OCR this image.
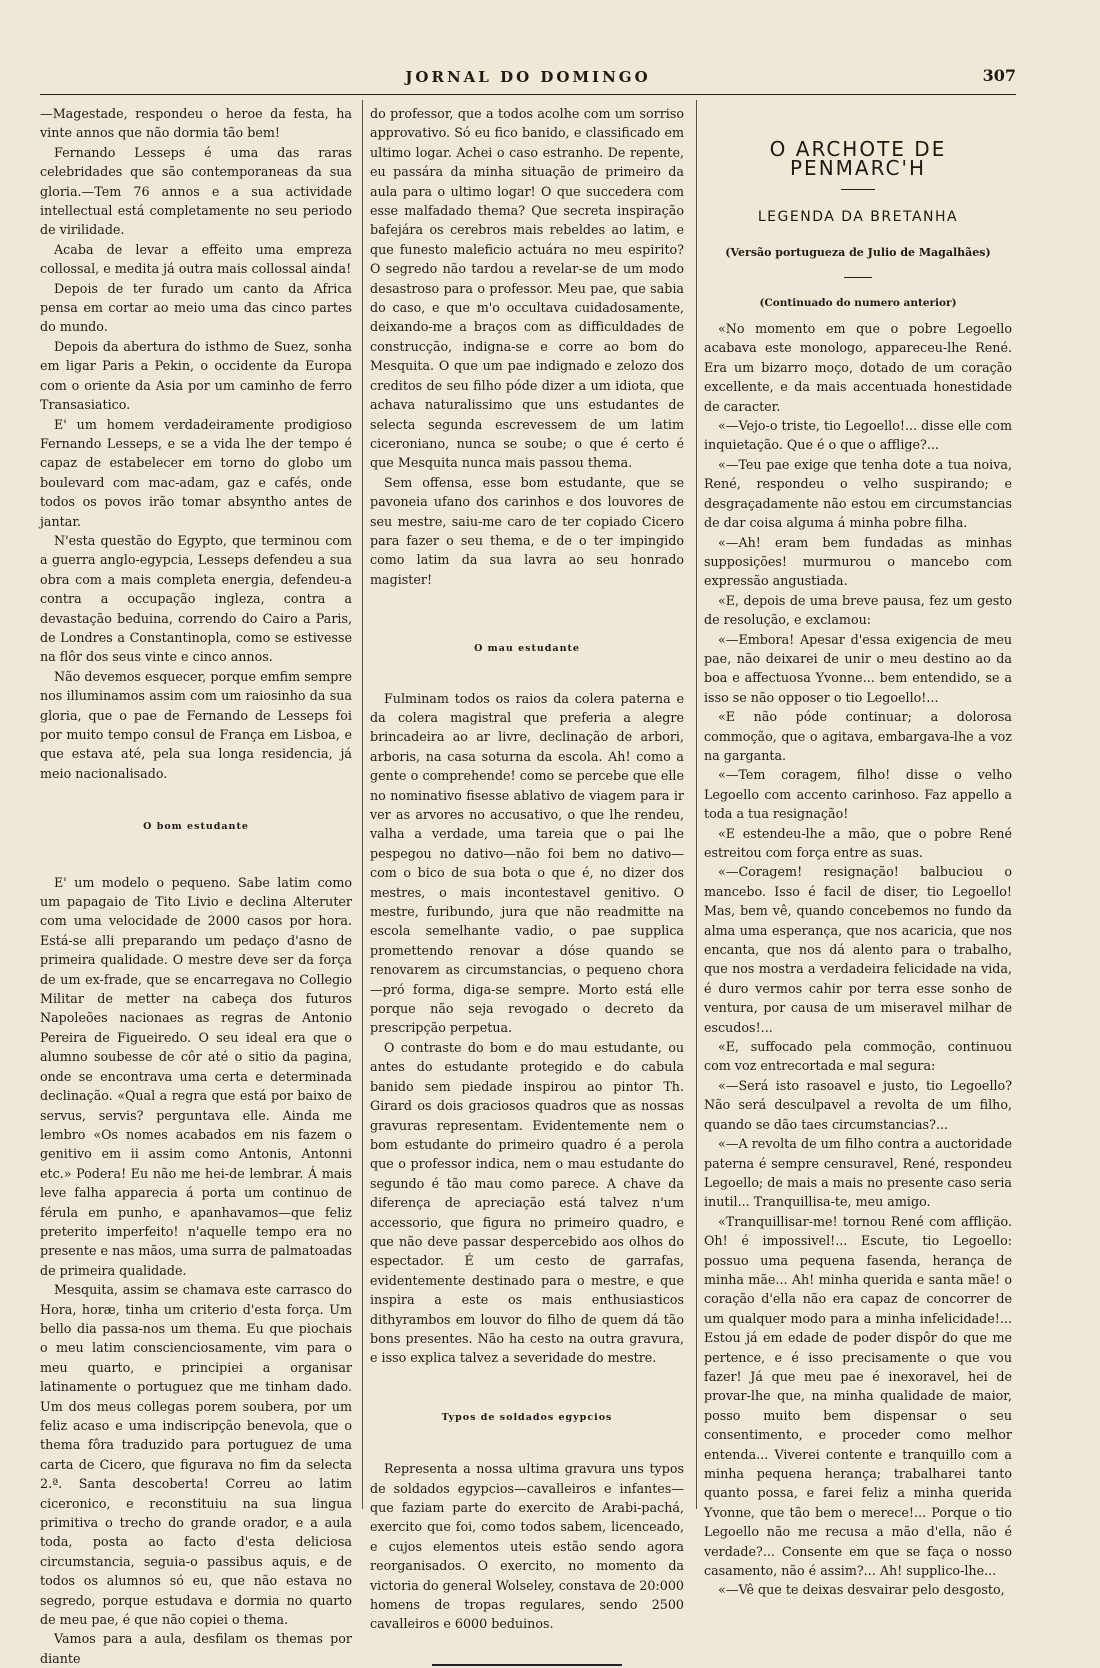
JORNAL DO DOMINGO	307

—Magestade, respondeu o heroe da festa, ha vinte annos que não dormia tão bem!

Fernando Lesseps é uma das raras celebridades que são contemporaneas da sua gloria.—Tem 76 annos e a sua actividade intellectual está completamente no seu periodo de virilidade.

Acaba de levar a effeito uma empreza collossal, e medita já outra mais collossal ainda!

Depois de ter furado um canto da Africa pensa em cortar ao meio uma das cinco partes do mundo.

Depois da abertura do isthmo de Suez, sonha em ligar Paris a Pekin, o occidente da Europa com o oriente da Asia por um caminho de ferro Transasiatico.

E' um homem verdadeiramente prodigioso Fernando Lesseps, e se a vida lhe der tempo é capaz de estabelecer em torno do globo um boulevard com mac-adam, gaz e cafés, onde todos os povos irão tomar absyntho antes de jantar.

N'esta questão do Egypto, que terminou com a guerra anglo-egypcia, Lesseps defendeu a sua obra com a mais completa energia, defendeu-a contra a occupação ingleza, contra a devastação beduina, correndo do Cairo a Paris, de Londres a Constantinopla, como se estivesse na flôr dos seus vinte e cinco annos.

Não devemos esquecer, porque emfim sempre nos illuminamos assim com um raiosinho da sua gloria, que o pae de Fernando de Lesseps foi por muito tempo consul de França em Lisboa, e que estava até, pela sua longa residencia, já meio nacionalisado.

O bom estudante

E' um modelo o pequeno. Sabe latim como um papagaio de Tito Livio e declina Alteruter com uma velocidade de 2000 casos por hora. Está-se alli preparando um pedaço d'asno de primeira qualidade. O mestre deve ser da força de um ex-frade, que se encarregava no Collegio Militar de metter na cabeça dos futuros Napoleões nacionaes as regras de Antonio Pereira de Figueiredo. O seu ideal era que o alumno soubesse de côr até o sitio da pagina, onde se encontrava uma certa e determinada declinação. «Qual a regra que está por baixo de servus, servis? perguntava elle. Ainda me lembro «Os nomes acabados em nis fazem o genitivo em ii assim como Antonis, Antonni etc.» Podera! Eu não me hei-de lembrar. Á mais leve falha apparecia á porta um continuo de férula em punho, e apanhavamos—que feliz preterito imperfeito! n'aquelle tempo era no presente e nas mãos, uma surra de palmatoadas de primeira qualidade.

Mesquita, assim se chamava este carrasco do Hora, horæ, tinha um criterio d'esta força. Um bello dia passa-nos um thema. Eu que piochais o meu latim conscienciosamente, vim para o meu quarto, e principiei a organisar latinamente o portuguez que me tinham dado. Um dos meus collegas porem soubera, por um feliz acaso e uma indiscripção benevola, que o thema fôra traduzido para portuguez de uma carta de Cicero, que figurava no fim da selecta 2.ª. Santa descoberta! Correu ao latim ciceronico, e reconstituiu na sua lingua primitiva o trecho do grande orador, e a aula toda, posta ao facto d'esta deliciosa circumstancia, seguia-o passibus aquis, e de todos os alumnos só eu, que não estava no segredo, porque estudava e dormia no quarto de meu pae, é que não copiei o thema.

Vamos para a aula, desfilam os themas por diante

do professor, que a todos acolhe com um sorriso approvativo. Só eu fico banido, e classificado em ultimo logar. Achei o caso estranho. De repente, eu passára da minha situação de primeiro da aula para o ultimo logar! O que succedera com esse malfadado thema? Que secreta inspiração bafejára os cerebros mais rebeldes ao latim, e que funesto maleficio actuára no meu espirito? O segredo não tardou a revelar-se de um modo desastroso para o professor. Meu pae, que sabia do caso, e que m'o occultava cuidadosamente, deixando-me a braços com as difficuldades de construcção, indigna-se e corre ao bom do Mesquita. O que um pae indignado e zelozo dos creditos de seu filho póde dizer a um idiota, que achava naturalissimo que uns estudantes de selecta segunda escrevessem de um latim ciceroniano, nunca se soube; o que é certo é que Mesquita nunca mais passou thema.

Sem offensa, esse bom estudante, que se pavoneia ufano dos carinhos e dos louvores de seu mestre, saiu-me caro de ter copiado Cicero para fazer o seu thema, e de o ter impingido como latim da sua lavra ao seu honrado magister!

O mau estudante

Fulminam todos os raios da colera paterna e da colera magistral que preferia a alegre brincadeira ao ar livre, declinação de arbori, arboris, na casa soturna da escola. Ah! como a gente o comprehende! como se percebe que elle no nominativo fisesse ablativo de viagem para ir ver as arvores no accusativo, o que lhe rendeu, valha a verdade, uma tareia que o pai lhe pespegou no dativo—não foi bem no dativo—com o bico de sua bota o que é, no dizer dos mestres, o mais incontestavel genitivo. O mestre, furibundo, jura que não readmitte na escola semelhante vadio, o pae supplica promettendo renovar a dóse quando se renovarem as circumstancias, o pequeno chora—pró forma, diga-se sempre. Morto está elle porque não seja revogado o decreto da prescripção perpetua.

O contraste do bom e do mau estudante, ou antes do estudante protegido e do cabula banido sem piedade inspirou ao pintor Th. Girard os dois graciosos quadros que as nossas gravuras representam. Evidentemente nem o bom estudante do primeiro quadro é a perola que o professor indica, nem o mau estudante do segundo é tão mau como parece. A chave da diferença de apreciação está talvez n'um accessorio, que figura no primeiro quadro, e que não deve passar despercebido aos olhos do espectador. É um cesto de garrafas, evidentemente destinado para o mestre, e que inspira a este os mais enthusiasticos dithyrambos em louvor do filho de quem dá tão bons presentes. Não ha cesto na outra gravura, e isso explica talvez a severidade do mestre.

Typos de soldados egypcios

Representa a nossa ultima gravura uns typos de soldados egypcios—cavalleiros e infantes—que faziam parte do exercito de Arabi-pachá, exercito que foi, como todos sabem, licenceado, e cujos elementos uteis estão sendo agora reorganisados. O exercito, no momento da victoria do general Wolseley, constava de 20:000 homens de tropas regulares, sendo 2500 cavalleiros e 6000 beduinos.

O ARCHOTE DE PENMARC'H
LEGENDA DA BRETANHA
(Versão portugueza de Julio de Magalhães)
(Continuado do numero anterior)

«No momento em que o pobre Legoello acabava este monologo, appareceu-lhe René. Era um bizarro moço, dotado de um coração excellente, e da mais accentuada honestidade de caracter.

«—Vejo-o triste, tio Legoello!... disse elle com inquietação. Que é o que o afflige?...

«—Teu pae exige que tenha dote a tua noiva, René, respondeu o velho suspirando; e desgraçadamente não estou em circumstancias de dar coisa alguma á minha pobre filha.

«—Ah! eram bem fundadas as minhas supposições! murmurou o mancebo com expressão angustiada.

«E, depois de uma breve pausa, fez um gesto de resolução, e exclamou:

«—Embora! Apesar d'essa exigencia de meu pae, não deixarei de unir o meu destino ao da boa e affectuosa Yvonne... bem entendido, se a isso se não opposer o tio Legoello!...

«E não póde continuar; a dolorosa commoção, que o agitava, embargava-lhe a voz na garganta.

«—Tem coragem, filho! disse o velho Legoello com accento carinhoso. Faz appello a toda a tua resignação!

«E estendeu-lhe a mão, que o pobre René estreitou com força entre as suas.

«—Coragem! resignação! balbuciou o mancebo. Isso é facil de diser, tio Legoello! Mas, bem vê, quando concebemos no fundo da alma uma esperança, que nos acaricia, que nos encanta, que nos dá alento para o trabalho, que nos mostra a verdadeira felicidade na vida, é duro vermos cahir por terra esse sonho de ventura, por causa de um miseravel milhar de escudos!...

«E, suffocado pela commoção, continuou com voz entrecortada e mal segura:

«—Será isto rasoavel e justo, tio Legoello? Não será desculpavel a revolta de um filho, quando se dão taes circumstancias?...

«—A revolta de um filho contra a auctoridade paterna é sempre censuravel, René, respondeu Legoello; de mais a mais no presente caso seria inutil... Tranquillisa-te, meu amigo.

«Tranquillisar-me! tornou René com affliçäo. Oh! é impossivel!... Escute, tio Legoello: possuo uma pequena fasenda, herança de minha mãe... Ah! minha querida e santa mãe! o coração d'ella não era capaz de concorrer de um qualquer modo para a minha infelicidade!... Estou já em edade de poder dispôr do que me pertence, e é isso precisamente o que vou fazer! Já que meu pae é inexoravel, hei de provar-lhe que, na minha qualidade de maior, posso muito bem dispensar o seu consentimento, e proceder como melhor entenda... Viverei contente e tranquillo com a minha pequena herança; trabalharei tanto quanto possa, e farei feliz a minha querida Yvonne, que tão bem o merece!... Porque o tio Legoello não me recusa a mão d'ella, não é verdade?... Consente em que se faça o nosso casamento, não é assim?... Ah! supplico-lhe...

«—Vê que te deixas desvairar pelo desgosto,
